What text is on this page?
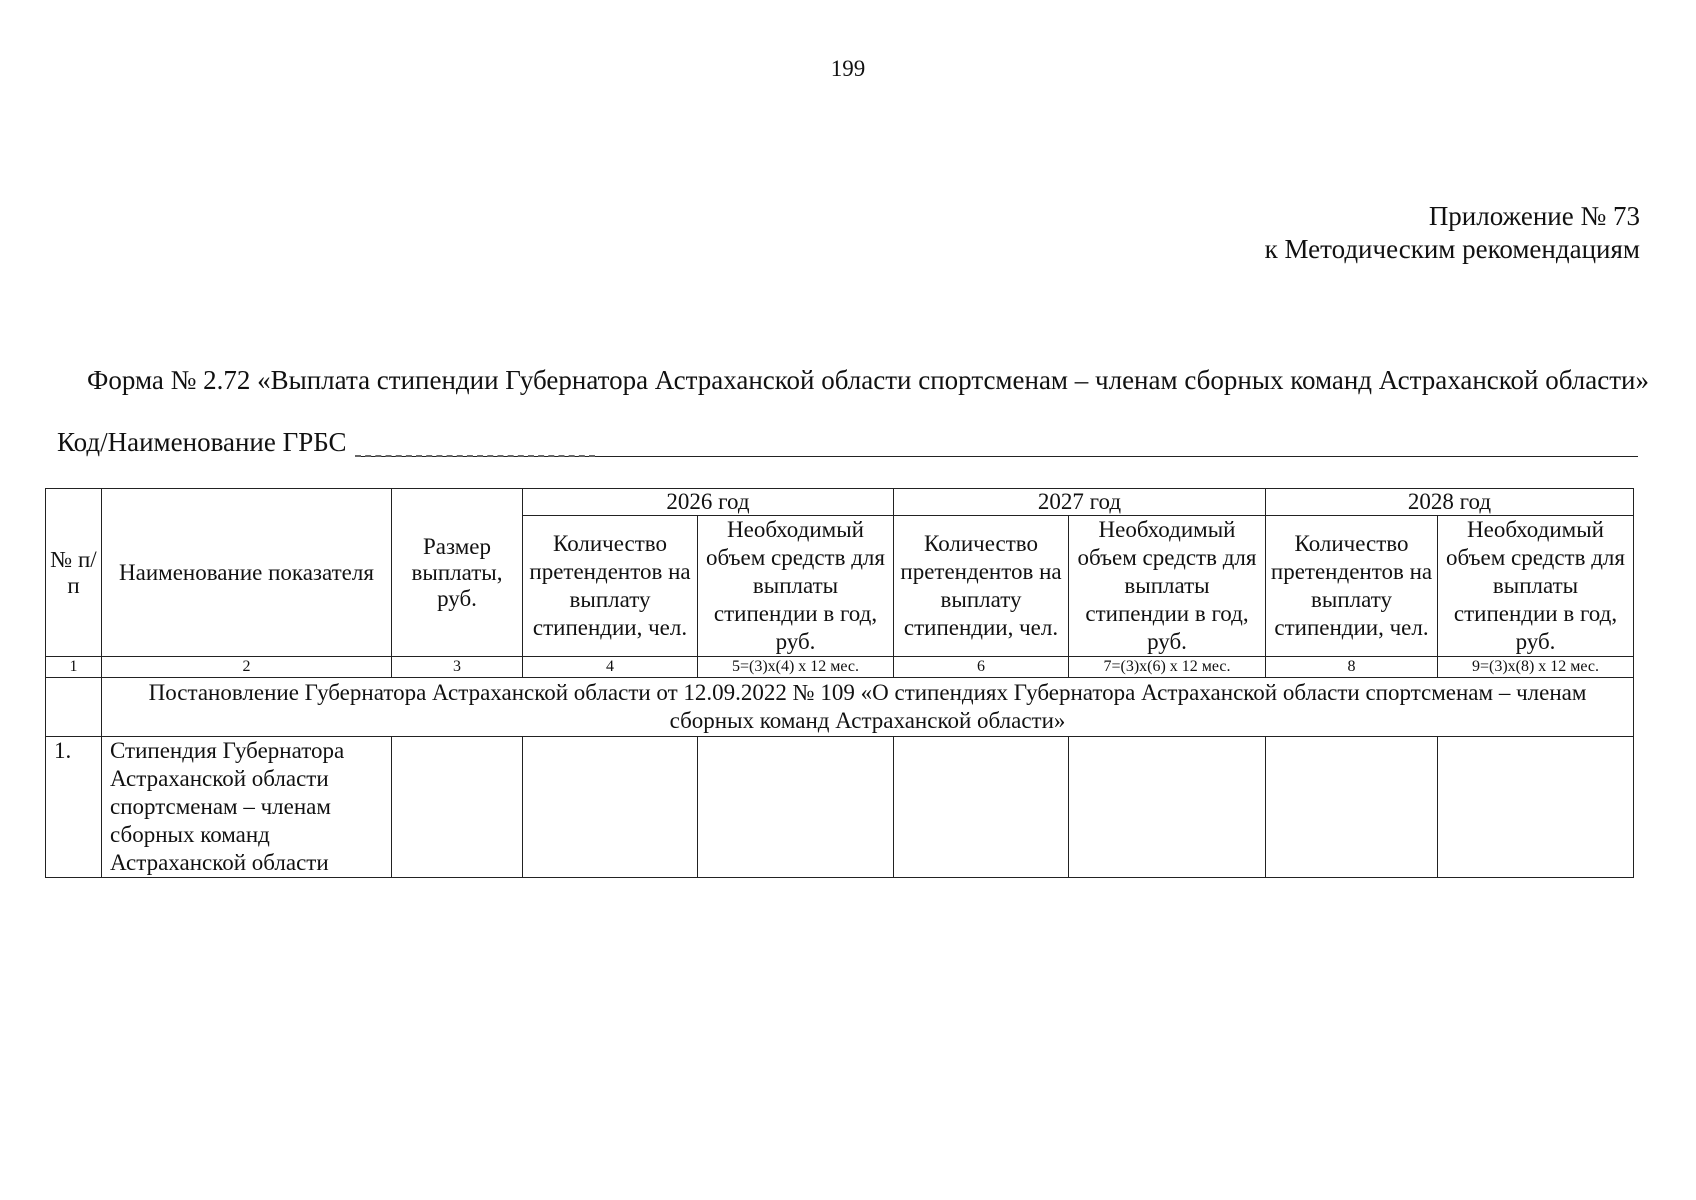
199
Приложение № 73
к Методическим рекомендациям
Форма № 2.72 «Выплата стипендии Губернатора Астраханской области спортсменам – членам сборных команд Астраханской области»
Код/Наименование ГРБС
№ п/п	Наименование показателя	Размер выплаты, руб.	2026 год		2027 год		2028 год	
			Количество претендентов на выплату стипендии, чел.	Необходимый объем средств для выплаты стипендии в год, руб.	Количество претендентов на выплату стипендии, чел.	Необходимый объем средств для выплаты стипендии в год, руб.	Количество претендентов на выплату стипендии, чел.	Необходимый объем средств для выплаты стипендии в год, руб.
1	2	3	4	5=(3)x(4) x 12 мес.	6	7=(3)x(6) x 12 мес.	8	9=(3)x(8) x 12 мес.
	Постановление Губернатора Астраханской области от 12.09.2022 № 109 «О стипендиях Губернатора Астраханской области спортсменам – членам сборных команд Астраханской области»							
1.	Стипендия Губернатора Астраханской области спортсменам – членам сборных команд Астраханской области							
